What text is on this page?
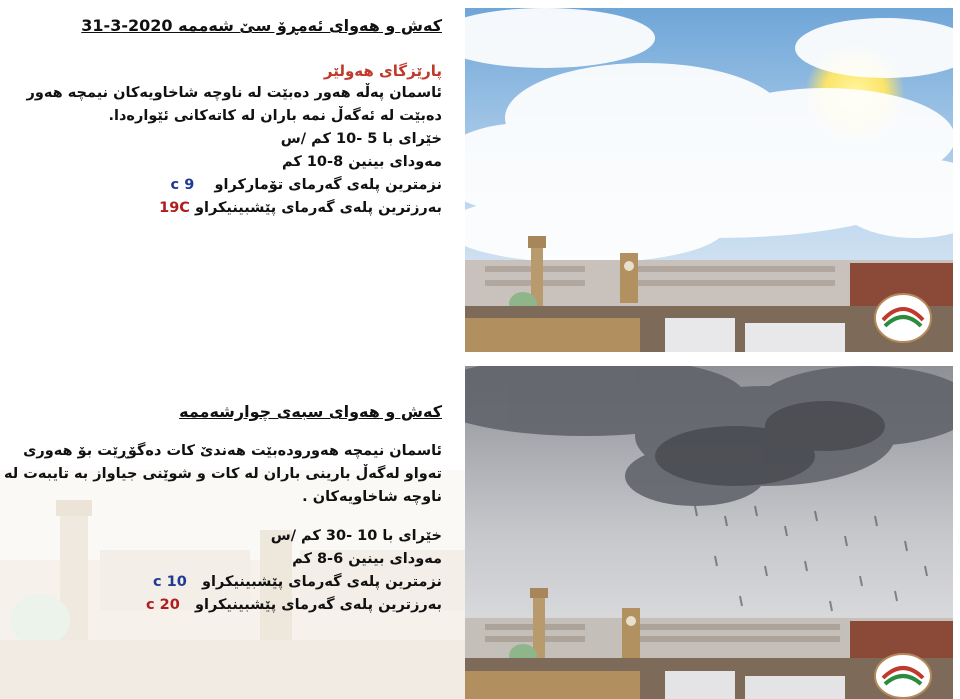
کەش و هەوای ئەمڕۆ سێ شەممە 2020-3-31
پارێزگای هەولێر
ئاسمان پەڵە هەور دەبێت لە ناوچە شاخاویەکان نیمچە هەور دەبێت لە ئەگەڵ نمە باران لە کاتەکانی ئێوارەدا.
خێرای با 5 -10 کم /س
مەودای بینین 8-10 کم
نزمترین پلەی گەرمای تۆمارکراو    9 c
بەرزترین پلەی گەرمای پێشبینیکراو 19C
کەش و هەوای سبەی چوارشەممە
ئاسمان نیمچە هەورودەبێت هەندێ کات دەگۆڕێت بۆ هەوری تەواو لەگەڵ بارینی باران لە کات و شوێنی جیاواز بە تایبەت لە ناوچە شاخاویەکان .
خێرای با 10 -30 کم /س
مەودای بینین 6-8 کم
نزمترین پلەی گەرمای پێشبینیکراو   10 c
بەرزترین پلەی گەرمای پێشبینیکراو   20 c
